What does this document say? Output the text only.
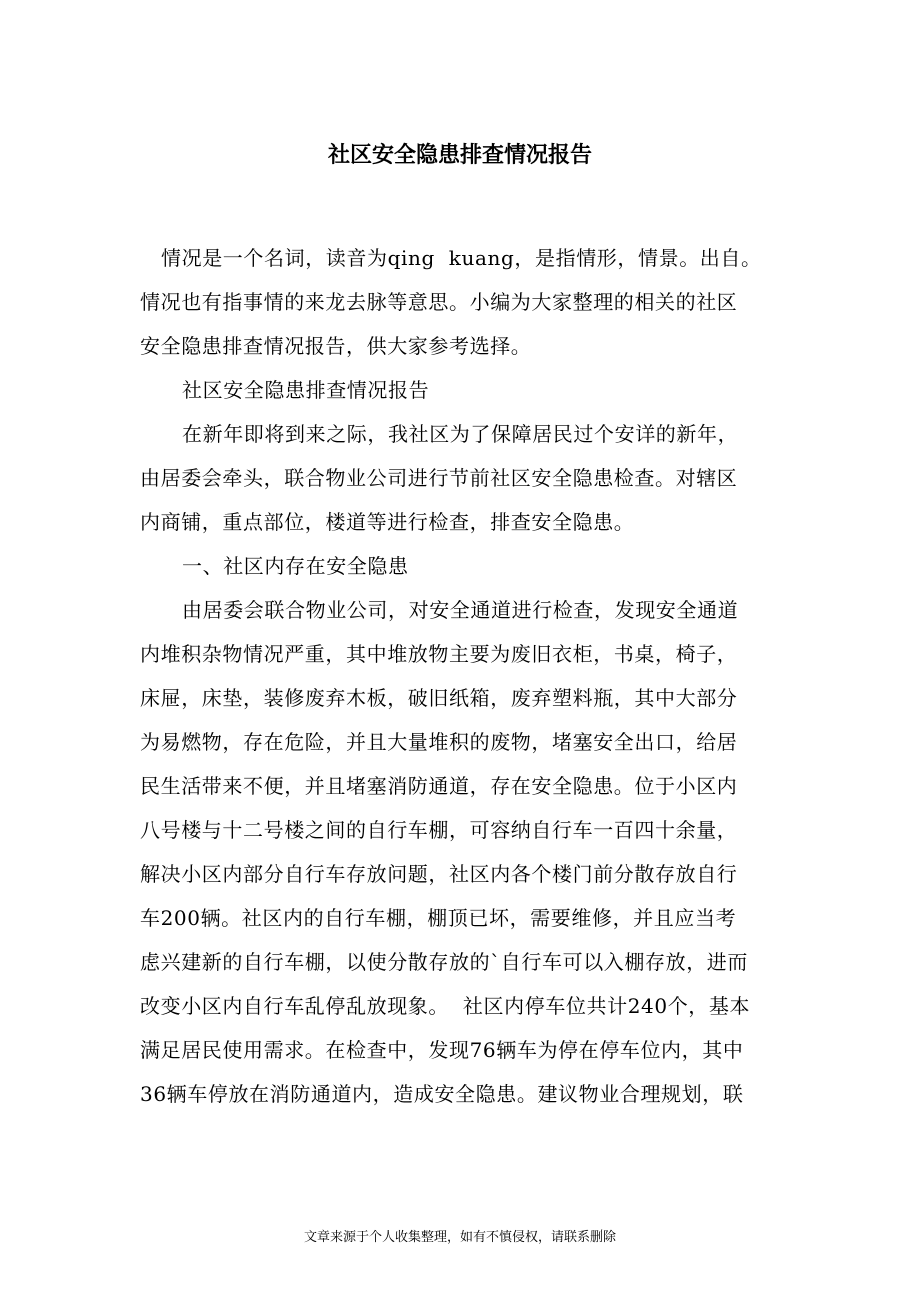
社区安全隐患排查情况报告
情况是一个名词，读音为qing  kuang，是指情形，情景。出自。
情况也有指事情的来龙去脉等意思。小编为大家整理的相关的社区
安全隐患排查情况报告，供大家参考选择。
社区安全隐患排查情况报告
在新年即将到来之际，我社区为了保障居民过个安详的新年，
由居委会牵头，联合物业公司进行节前社区安全隐患检查。对辖区
内商铺，重点部位，楼道等进行检查，排查安全隐患。
一、社区内存在安全隐患
由居委会联合物业公司，对安全通道进行检查，发现安全通道
内堆积杂物情况严重，其中堆放物主要为废旧衣柜，书桌，椅子，
床屉，床垫，装修废弃木板，破旧纸箱，废弃塑料瓶，其中大部分
为易燃物，存在危险，并且大量堆积的废物，堵塞安全出口，给居
民生活带来不便，并且堵塞消防通道，存在安全隐患。位于小区内
八号楼与十二号楼之间的自行车棚，可容纳自行车一百四十余量，
解决小区内部分自行车存放问题，社区内各个楼门前分散存放自行
车200辆。社区内的自行车棚，棚顶已坏，需要维修，并且应当考
虑兴建新的自行车棚，以使分散存放的`自行车可以入棚存放，进而
改变小区内自行车乱停乱放现象。  社区内停车位共计240个，基本
满足居民使用需求。在检查中，发现76辆车为停在停车位内，其中
36辆车停放在消防通道内，造成安全隐患。建议物业合理规划，联
文章来源于个人收集整理，如有不慎侵权，请联系删除
